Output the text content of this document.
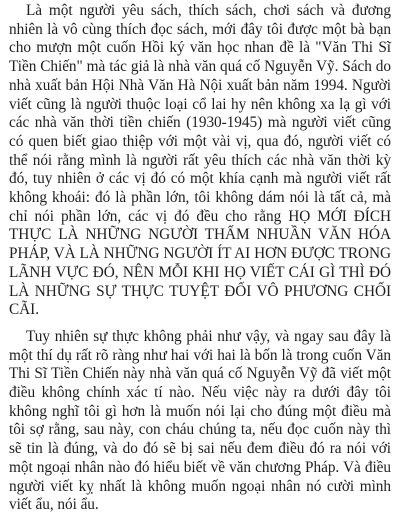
Là một người yêu sách, thích sách, chơi sách và đương nhiên là vô cùng thích đọc sách, mới đây tôi được một bà bạn cho mượn một cuốn Hồi ký văn học nhan đề là "Văn Thi Sĩ Tiền Chiến" mà tác giả là nhà văn quá cố Nguyễn Vỹ. Sách do nhà xuất bản Hội Nhà Văn Hà Nội xuất bản năm 1994. Người viết cũng là người thuộc loại cổ lai hy nên không xa lạ gì với các nhà văn thời tiền chiến (1930-1945) mà người viết cũng có quen biết giao thiệp với một vài vị, qua đó, người viết có thể nói rằng mình là người rất yêu thích các nhà văn thời kỳ đó, tuy nhiên ở các vị đó có một khía cạnh mà người viết rất không khoái: đó là phần lớn, tôi không dám nói là tất cả, mà chỉ nói phần lớn, các vị đó đều cho rằng HỌ MỚI ĐÍCH THỰC LÀ NHỮNG NGƯỜI THẤM NHUẦN VĂN HÓA PHÁP, VÀ LÀ NHỮNG NGƯỜI ÍT AI HƠN ĐƯỢC TRONG LÃNH VỰC ĐÓ, NÊN MỖI KHI HỌ VIẾT CÁI GÌ THÌ ĐÓ LÀ NHỮNG SỰ THỰC TUYỆT ĐỐI VÔ PHƯƠNG CHỐI CÃI.

Tuy nhiên sự thực không phải như vậy, và ngay sau đây là một thí dụ rất rõ ràng như hai với hai là bốn là trong cuốn Văn Thi Sĩ Tiền Chiến này nhà văn quá cố Nguyễn Vỹ đã viết một điều không chính xác tí nào. Nếu việc này ra dưới đây tôi không nghĩ tôi gì hơn là muốn nói lại cho đúng một điều mà tôi sợ rằng, sau này, con cháu chúng ta, nếu đọc cuốn này thì sẽ tin là đúng, và do đó sẽ bị sai nếu đem điều đó ra nói với một ngoại nhân nào đó hiểu biết về văn chương Pháp. Và điều người viết kỵ nhất là không muốn ngoại nhân nó cười mình viết ẩu, nói ẩu.
